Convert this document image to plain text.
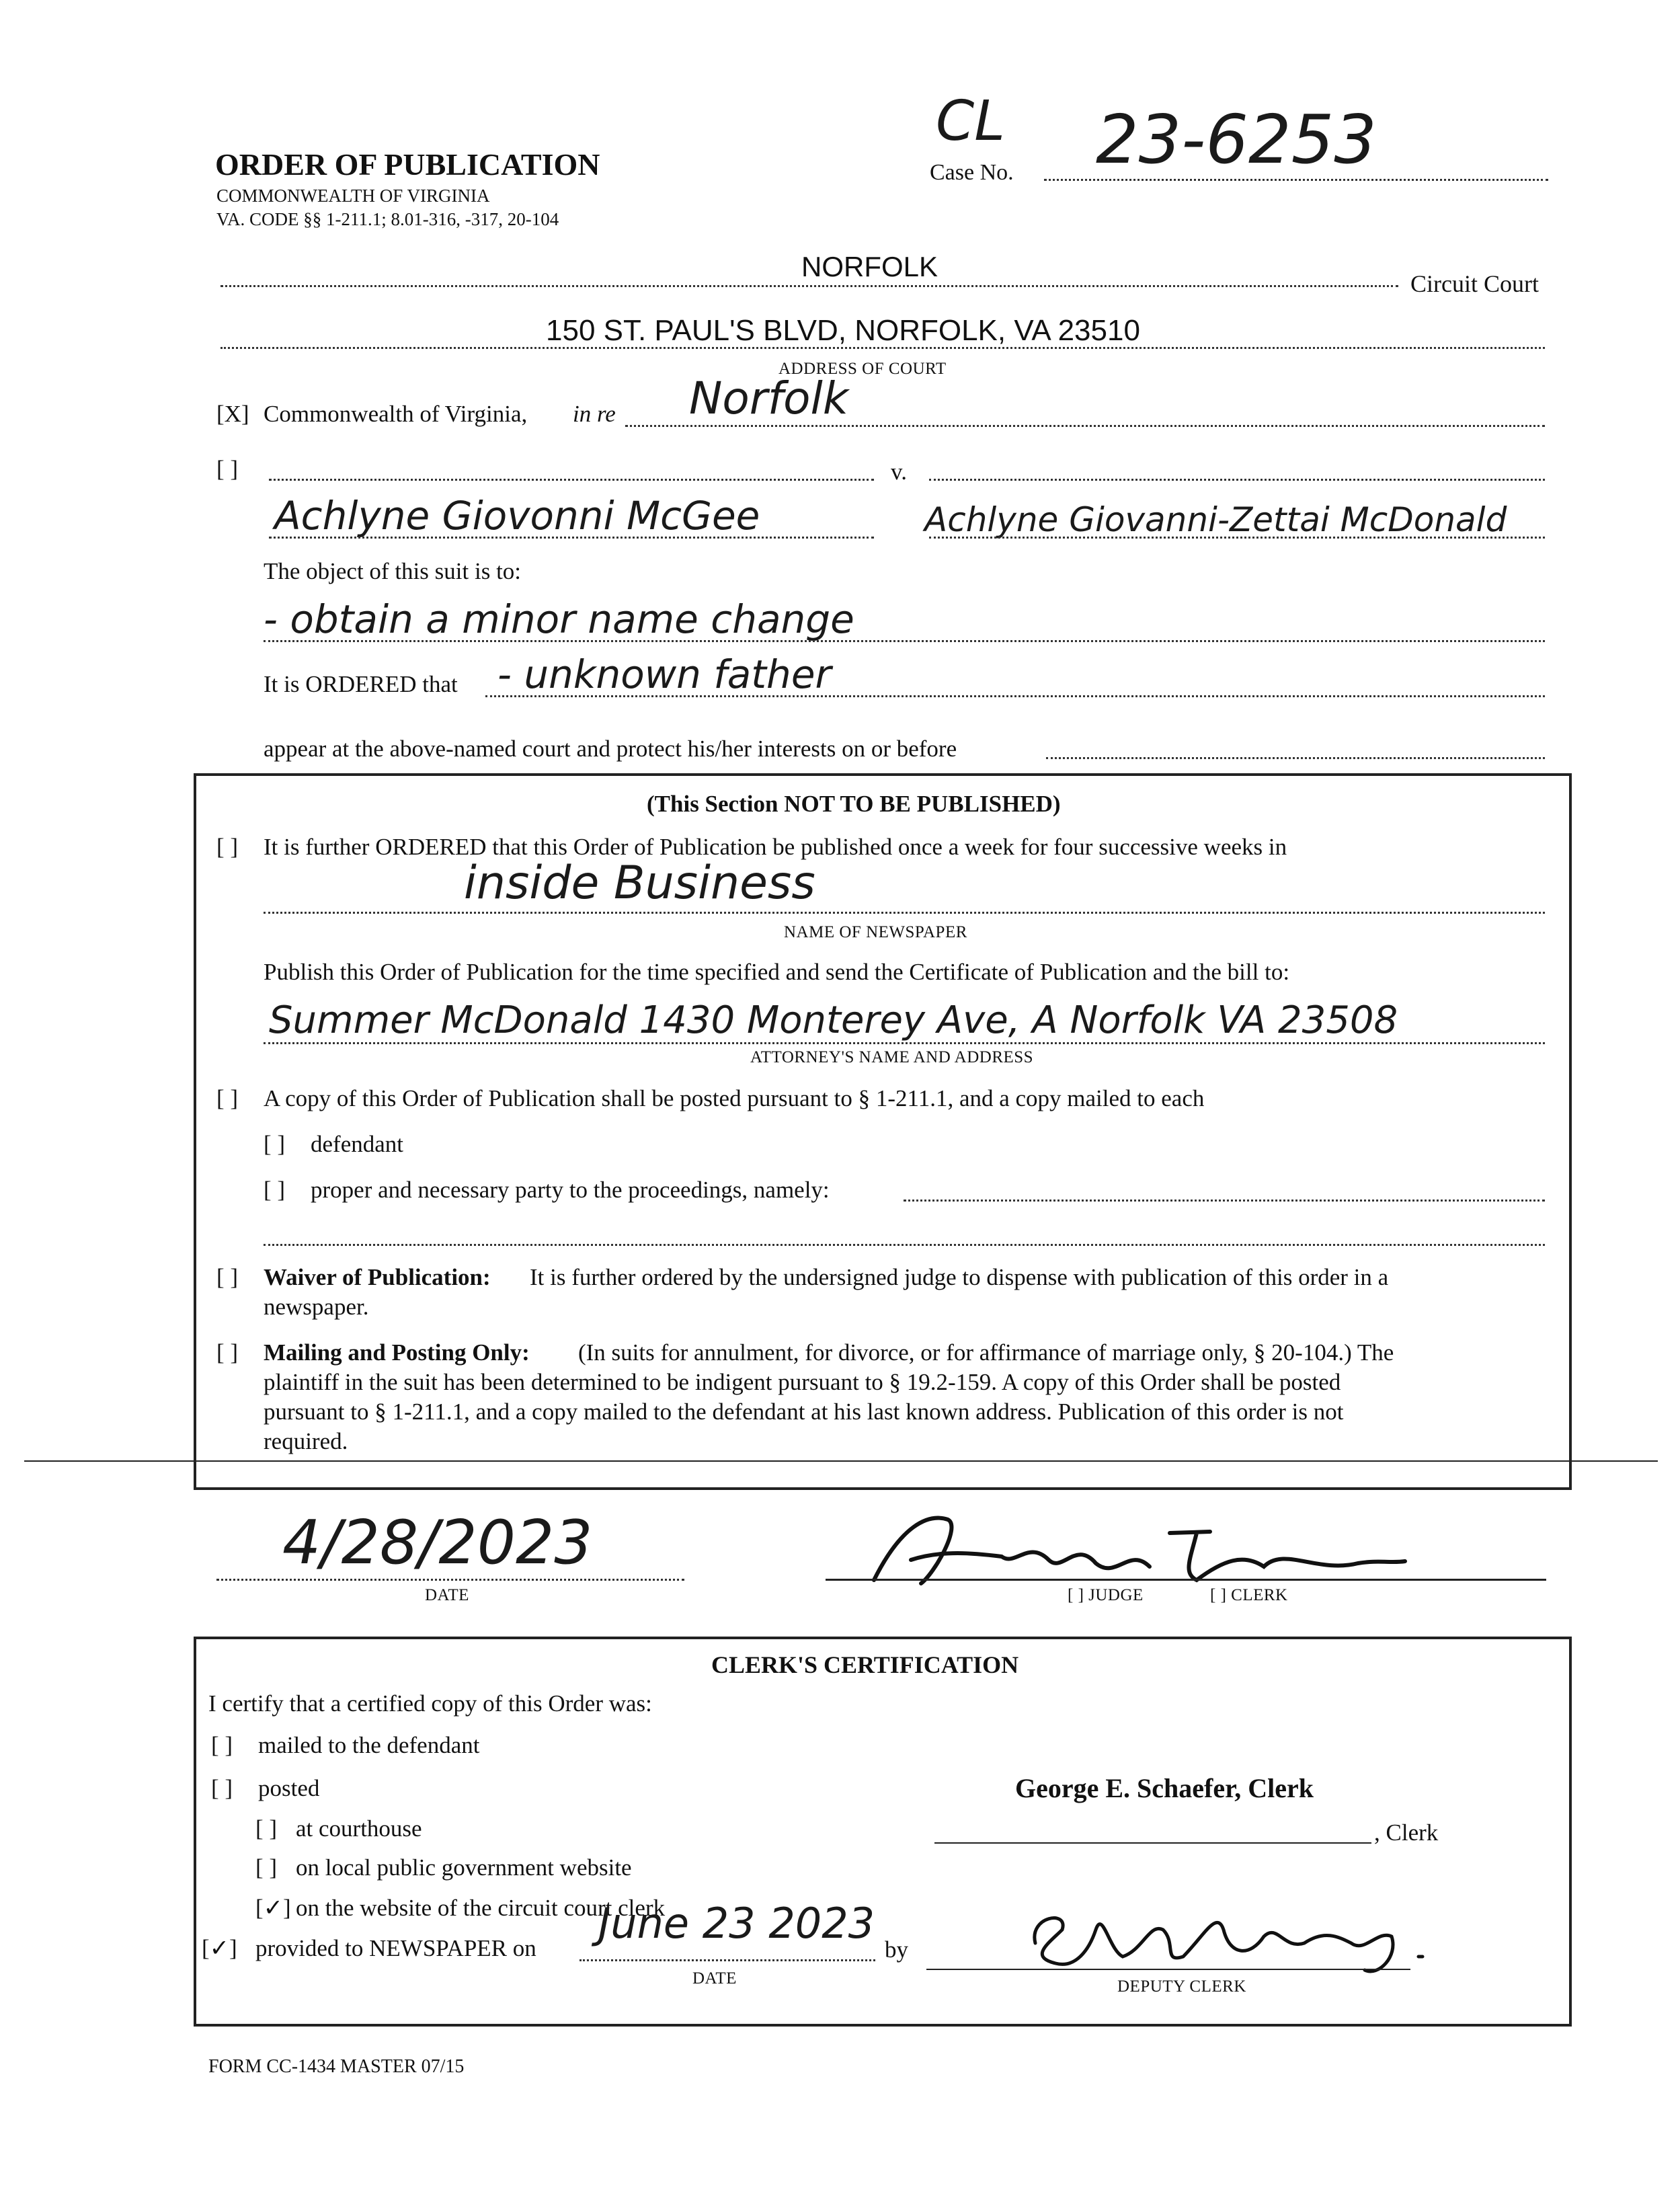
ORDER OF PUBLICATION
COMMONWEALTH OF VIRGINIA
VA. CODE §§ 1-211.1; 8.01-316, -317, 20-104
CL
Case No. 23-6253
NORFOLK
Circuit Court
150 ST. PAUL'S BLVD, NORFOLK, VA 23510
ADDRESS OF COURT
[X] Commonwealth of Virginia, in re Norfolk
[ ]	v.
Achlyne Giovonni McGee	Achlyne Giovanni-Zettai McDonald
The object of this suit is to:
- obtain a minor name change
It is ORDERED that - unknown father
appear at the above-named court and protect his/her interests on or before
(This Section NOT TO BE PUBLISHED)
[ ] It is further ORDERED that this Order of Publication be published once a week for four successive weeks in
inside Business
NAME OF NEWSPAPER
Publish this Order of Publication for the time specified and send the Certificate of Publication and the bill to:
Summer McDonald 1430 Monterey Ave, A Norfolk VA 23508
ATTORNEY'S NAME AND ADDRESS
[ ] A copy of this Order of Publication shall be posted pursuant to § 1-211.1, and a copy mailed to each
[ ] defendant
[ ] proper and necessary party to the proceedings, namely:
[ ] Waiver of Publication: It is further ordered by the undersigned judge to dispense with publication of this order in a
newspaper.
[ ] Mailing and Posting Only: (In suits for annulment, for divorce, or for affirmance of marriage only, § 20-104.) The
plaintiff in the suit has been determined to be indigent pursuant to § 19.2-159. A copy of this Order shall be posted
pursuant to § 1-211.1, and a copy mailed to the defendant at his last known address. Publication of this order is not
required.
4/28/2023
DATE	[ ] JUDGE	[ ] CLERK
CLERK'S CERTIFICATION
I certify that a certified copy of this Order was:
[ ] mailed to the defendant
[ ] posted
[ ] at courthouse
[ ] on local public government website
[✓] on the website of the circuit court clerk
[✓] provided to NEWSPAPER on
June 23 2023
DATE
by
George E. Schaefer, Clerk
, Clerk
DEPUTY CLERK
FORM CC-1434 MASTER 07/15
